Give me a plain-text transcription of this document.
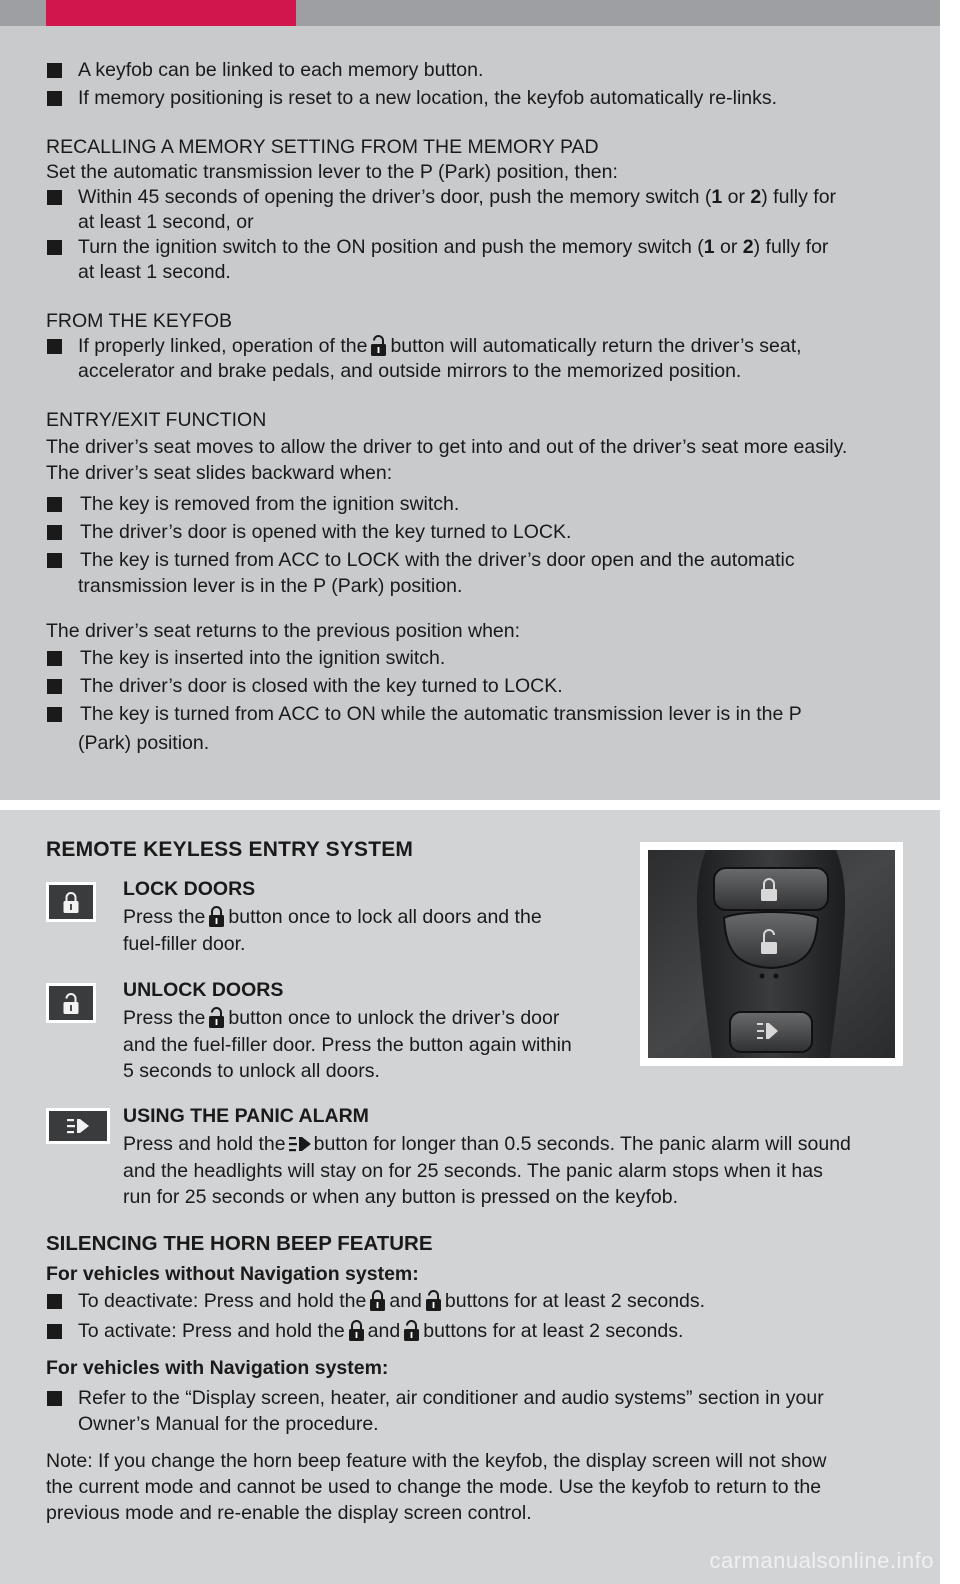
A keyfob can be linked to each memory button.
If memory positioning is reset to a new location, the keyfob automatically re-links.
RECALLING A MEMORY SETTING FROM THE MEMORY PAD
Set the automatic transmission lever to the P (Park) position, then:
Within 45 seconds of opening the driver’s door, push the memory switch (1 or 2) fully for
at least 1 second, or
Turn the ignition switch to the ON position and push the memory switch (1 or 2) fully for
at least 1 second.
FROM THE KEYFOB
If properly linked, operation of the button will automatically return the driver’s seat,
accelerator and brake pedals, and outside mirrors to the memorized position.
ENTRY/EXIT FUNCTION
The driver’s seat moves to allow the driver to get into and out of the driver’s seat more easily.
The driver’s seat slides backward when:
The key is removed from the ignition switch.
The driver’s door is opened with the key turned to LOCK.
The key is turned from ACC to LOCK with the driver’s door open and the automatic
transmission lever is in the P (Park) position.
The driver’s seat returns to the previous position when:
The key is inserted into the ignition switch.
The driver’s door is closed with the key turned to LOCK.
The key is turned from ACC to ON while the automatic transmission lever is in the P
(Park) position.
REMOTE KEYLESS ENTRY SYSTEM
LOCK DOORS
Press the button once to lock all doors and the
fuel-filler door.
UNLOCK DOORS
Press the button once to unlock the driver’s door
and the fuel-filler door. Press the button again within
5 seconds to unlock all doors.
USING THE PANIC ALARM
Press and hold the button for longer than 0.5 seconds. The panic alarm will sound
and the headlights will stay on for 25 seconds. The panic alarm stops when it has
run for 25 seconds or when any button is pressed on the keyfob.
SILENCING THE HORN BEEP FEATURE
For vehicles without Navigation system:
To deactivate: Press and hold the and buttons for at least 2 seconds.
To activate: Press and hold the and buttons for at least 2 seconds.
For vehicles with Navigation system:
Refer to the “Display screen, heater, air conditioner and audio systems” section in your
Owner’s Manual for the procedure.
Note: If you change the horn beep feature with the keyfob, the display screen will not show
the current mode and cannot be used to change the mode. Use the keyfob to return to the
previous mode and re-enable the display screen control.
carmanualsonline.info
